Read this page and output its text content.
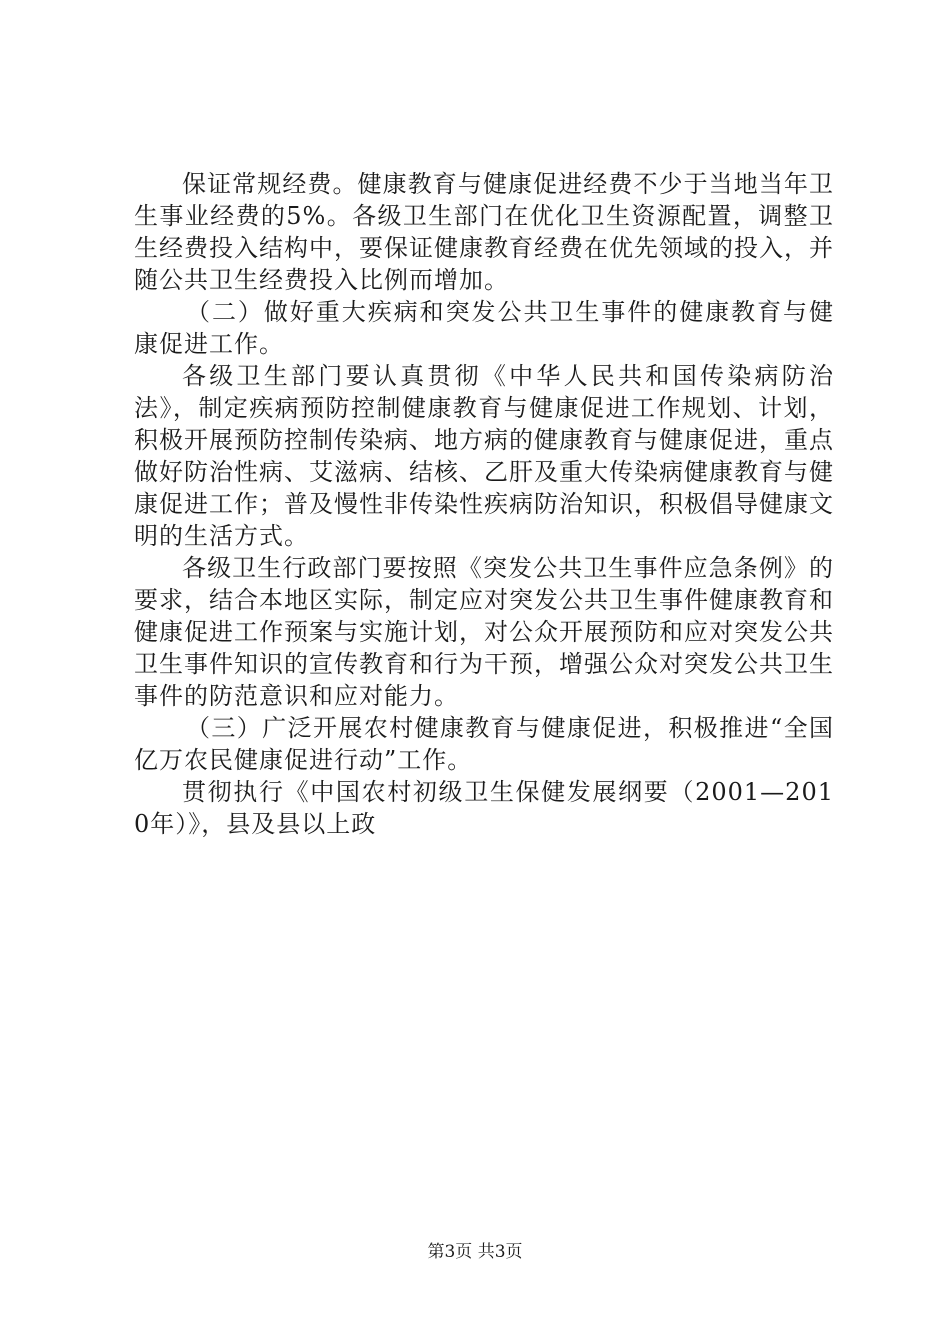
保证常规经费。健康教育与健康促进经费不少于当地当年卫生事业经费的5%。各级卫生部门在优化卫生资源配置，调整卫生经费投入结构中，要保证健康教育经费在优先领域的投入，并随公共卫生经费投入比例而增加。

（二）做好重大疾病和突发公共卫生事件的健康教育与健康促进工作。

各级卫生部门要认真贯彻《中华人民共和国传染病防治法》，制定疾病预防控制健康教育与健康促进工作规划、计划，积极开展预防控制传染病、地方病的健康教育与健康促进，重点做好防治性病、艾滋病、结核、乙肝及重大传染病健康教育与健康促进工作；普及慢性非传染性疾病防治知识，积极倡导健康文明的生活方式。

各级卫生行政部门要按照《突发公共卫生事件应急条例》的要求，结合本地区实际，制定应对突发公共卫生事件健康教育和健康促进工作预案与实施计划，对公众开展预防和应对突发公共卫生事件知识的宣传教育和行为干预，增强公众对突发公共卫生事件的防范意识和应对能力。

（三）广泛开展农村健康教育与健康促进，积极推进“全国亿万农民健康促进行动”工作。

贯彻执行《中国农村初级卫生保健发展纲要（2001—2010年）》，县及县以上政

第3页 共3页
